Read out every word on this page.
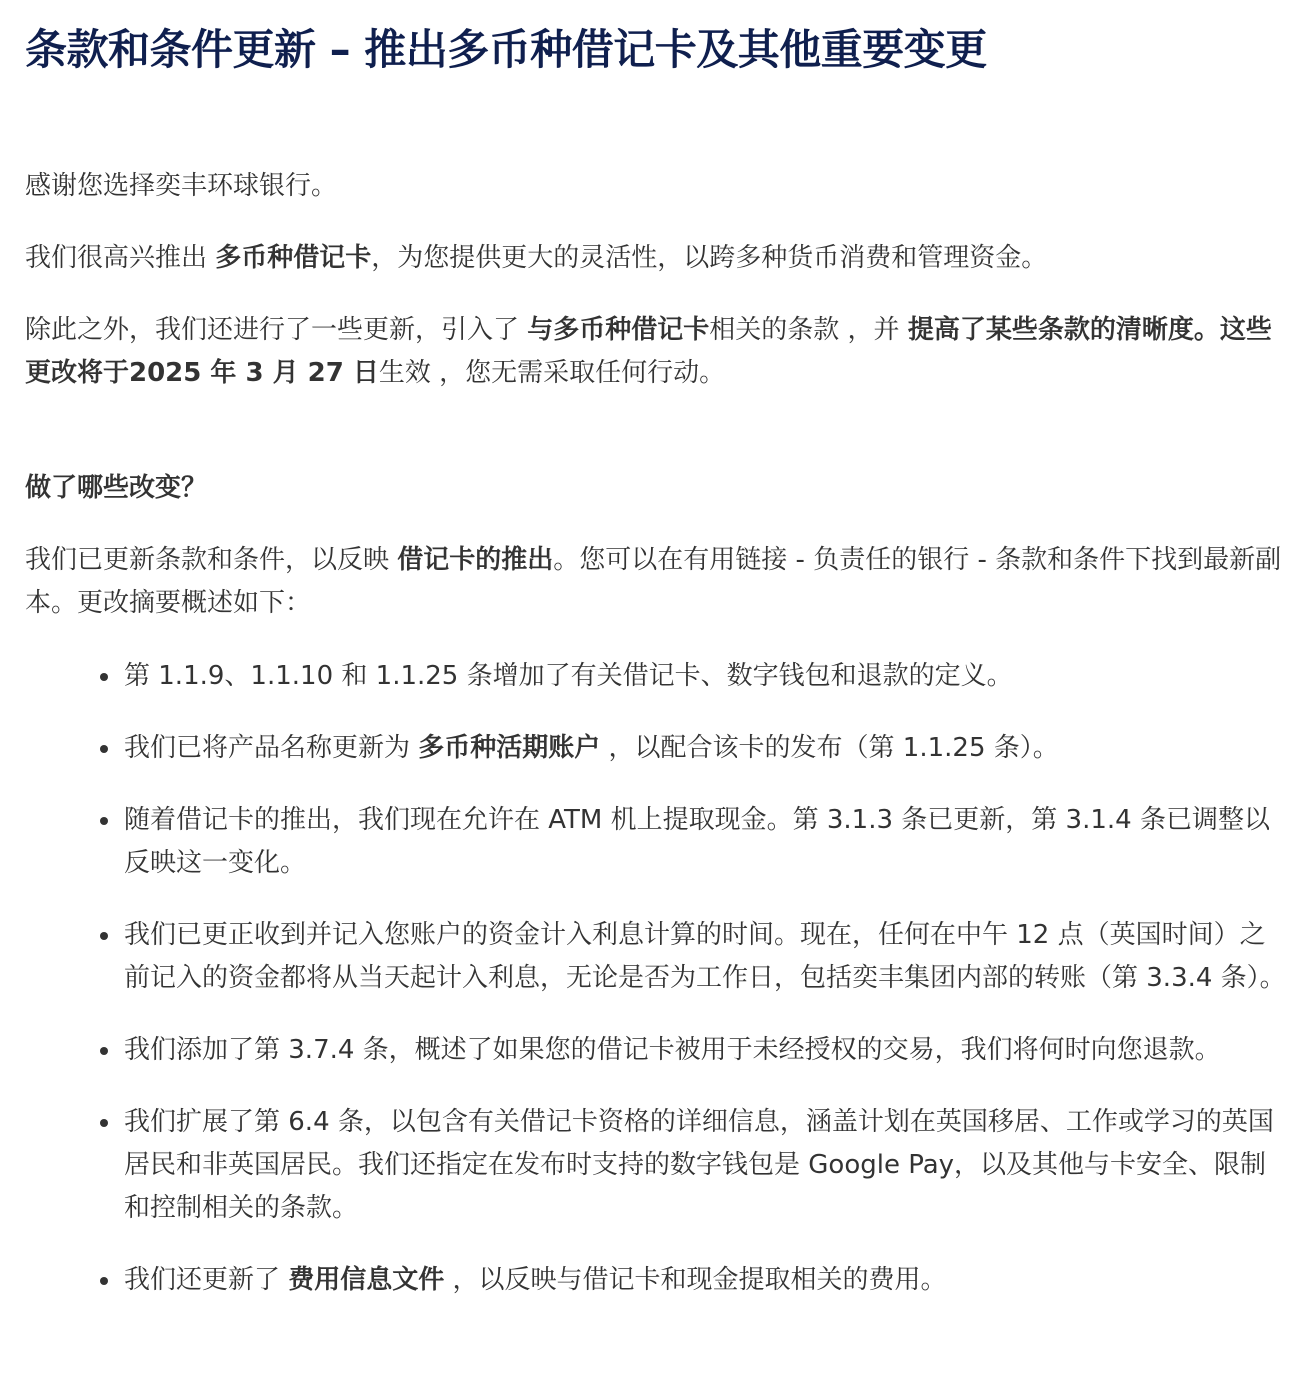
条款和条件更新 – 推出多币种借记卡及其他重要变更

感谢您选择奕丰环球银行。

我们很高兴推出 多币种借记卡，为您提供更大的灵活性，以跨多种货币消费和管理资金。

除此之外，我们还进行了一些更新，引入了 与多币种借记卡相关的条款 ，并 提高了某些条款的清晰度。这些更改将于2025 年 3 月 27 日生效 ，您无需采取任何行动。

做了哪些改变？

我们已更新条款和条件，以反映 借记卡的推出。您可以在有用链接 - 负责任的银行 - 条款和条件下找到最新副本。更改摘要概述如下：

第 1.1.9、1.1.10 和 1.1.25 条增加了有关借记卡、数字钱包和退款的定义。
我们已将产品名称更新为 多币种活期账户 ，以配合该卡的发布（第 1.1.25 条）。
随着借记卡的推出，我们现在允许在 ATM 机上提取现金。第 3.1.3 条已更新，第 3.1.4 条已调整以反映这一变化。
我们已更正收到并记入您账户的资金计入利息计算的时间。现在，任何在中午 12 点（英国时间）之前记入的资金都将从当天起计入利息，无论是否为工作日，包括奕丰集团内部的转账（第 3.3.4 条）。
我们添加了第 3.7.4 条，概述了如果您的借记卡被用于未经授权的交易，我们将何时向您退款。
我们扩展了第 6.4 条，以包含有关借记卡资格的详细信息，涵盖计划在英国移居、工作或学习的英国居民和非英国居民。我们还指定在发布时支持的数字钱包是 Google Pay，以及其他与卡安全、限制和控制相关的条款。
我们还更新了 费用信息文件 ，以反映与借记卡和现金提取相关的费用。
